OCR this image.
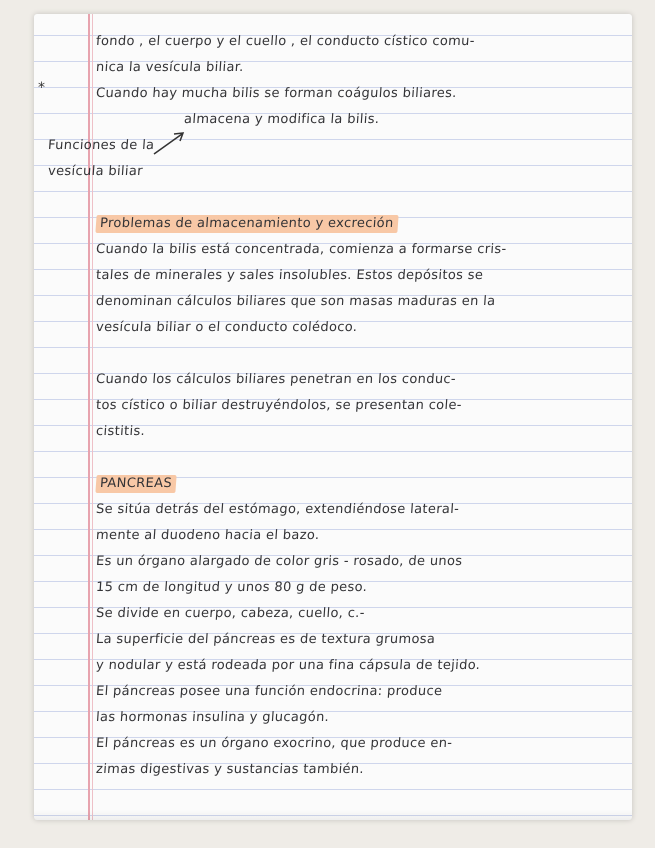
*
fondo , el cuerpo y el cuello , el conducto cístico comu-
nica la vesícula biliar.
Cuando hay mucha bilis se forman coágulos biliares.
almacena y modifica la bilis.
Funciones de la
vesícula biliar
Problemas de almacenamiento y excreción
Cuando la bilis está concentrada, comienza a formarse cris-
tales de minerales y sales insolubles. Estos depósitos se
denominan cálculos biliares que son masas maduras en la
vesícula biliar o el conducto colédoco.
Cuando los cálculos biliares penetran en los conduc-
tos cístico o biliar destruyéndolos, se presentan cole-
cistitis.
PANCREAS
Se sitúa detrás del estómago, extendiéndose lateral-
mente al duodeno hacia el bazo.
Es un órgano alargado de color gris - rosado, de unos
15 cm de longitud y unos 80 g de peso.
Se divide en cuerpo, cabeza, cuello, c.-
La superficie del páncreas es de textura grumosa
y nodular y está rodeada por una fina cápsula de tejido.
El páncreas posee una función endocrina: produce
las hormonas insulina y glucagón.
El páncreas es un órgano exocrino, que produce en-
zimas digestivas y sustancias también.
